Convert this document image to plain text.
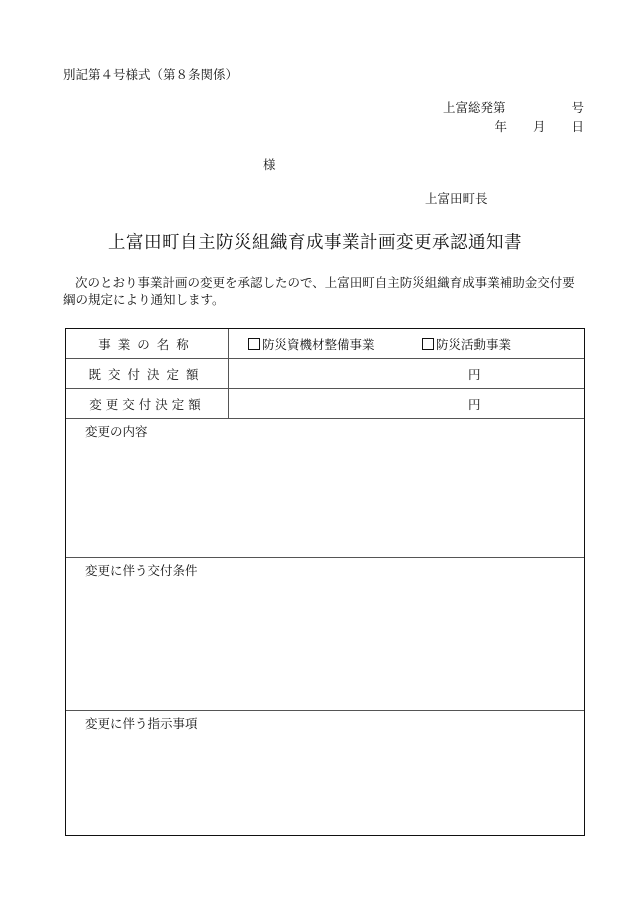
別記第４号様式（第８条関係）
上富総発第	号
年 月 日
様
上富田町長
上富田町自主防災組織育成事業計画変更承認通知書
次のとおり事業計画の変更を承認したので、上富田町自主防災組織育成事業補助金交付要綱の規定により通知します。
事業の名称	防災資機材整備事業	防災活動事業
既交付決定額	円
変更交付決定額	円
変更の内容
変更に伴う交付条件
変更に伴う指示事項
